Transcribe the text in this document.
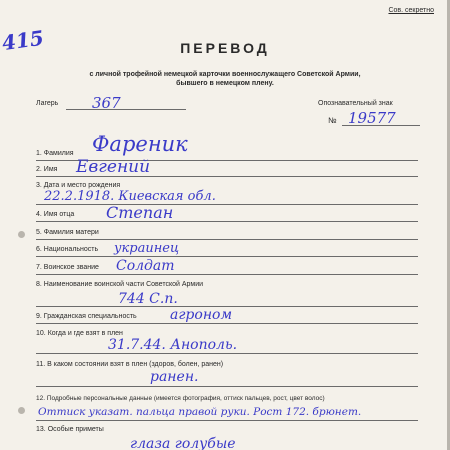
Сов. секретно
415	ПЕРЕВОД
с личной трофейной немецкой карточки военнослужащего Советской Армии,
бывшего в немецком плену.
Лагерь 367	Опознавательный знак
№ 19577
1. Фамилия Фареник
2. Имя Евгений
3. Дата и место рождения
22.2.1918. Киевская обл.
4. Имя отца Степан
5. Фамилия матери
6. Национальность украинец
7. Воинское звание Солдат
8. Наименование воинской части Советской Армии
744 С.п.
9. Гражданская специальность агроном
10. Когда и где взят в плен
31.7.44. Анополь.
11. В каком состоянии взят в плен (здоров, болен, ранен)
ранен.
12. Подробные персональные данные (имеется фотография, оттиск пальцев, рост, цвет волос)
Оттиск указат. пальца правой руки. Рост 172. брюнет.
13. Особые приметы
глаза голубые
